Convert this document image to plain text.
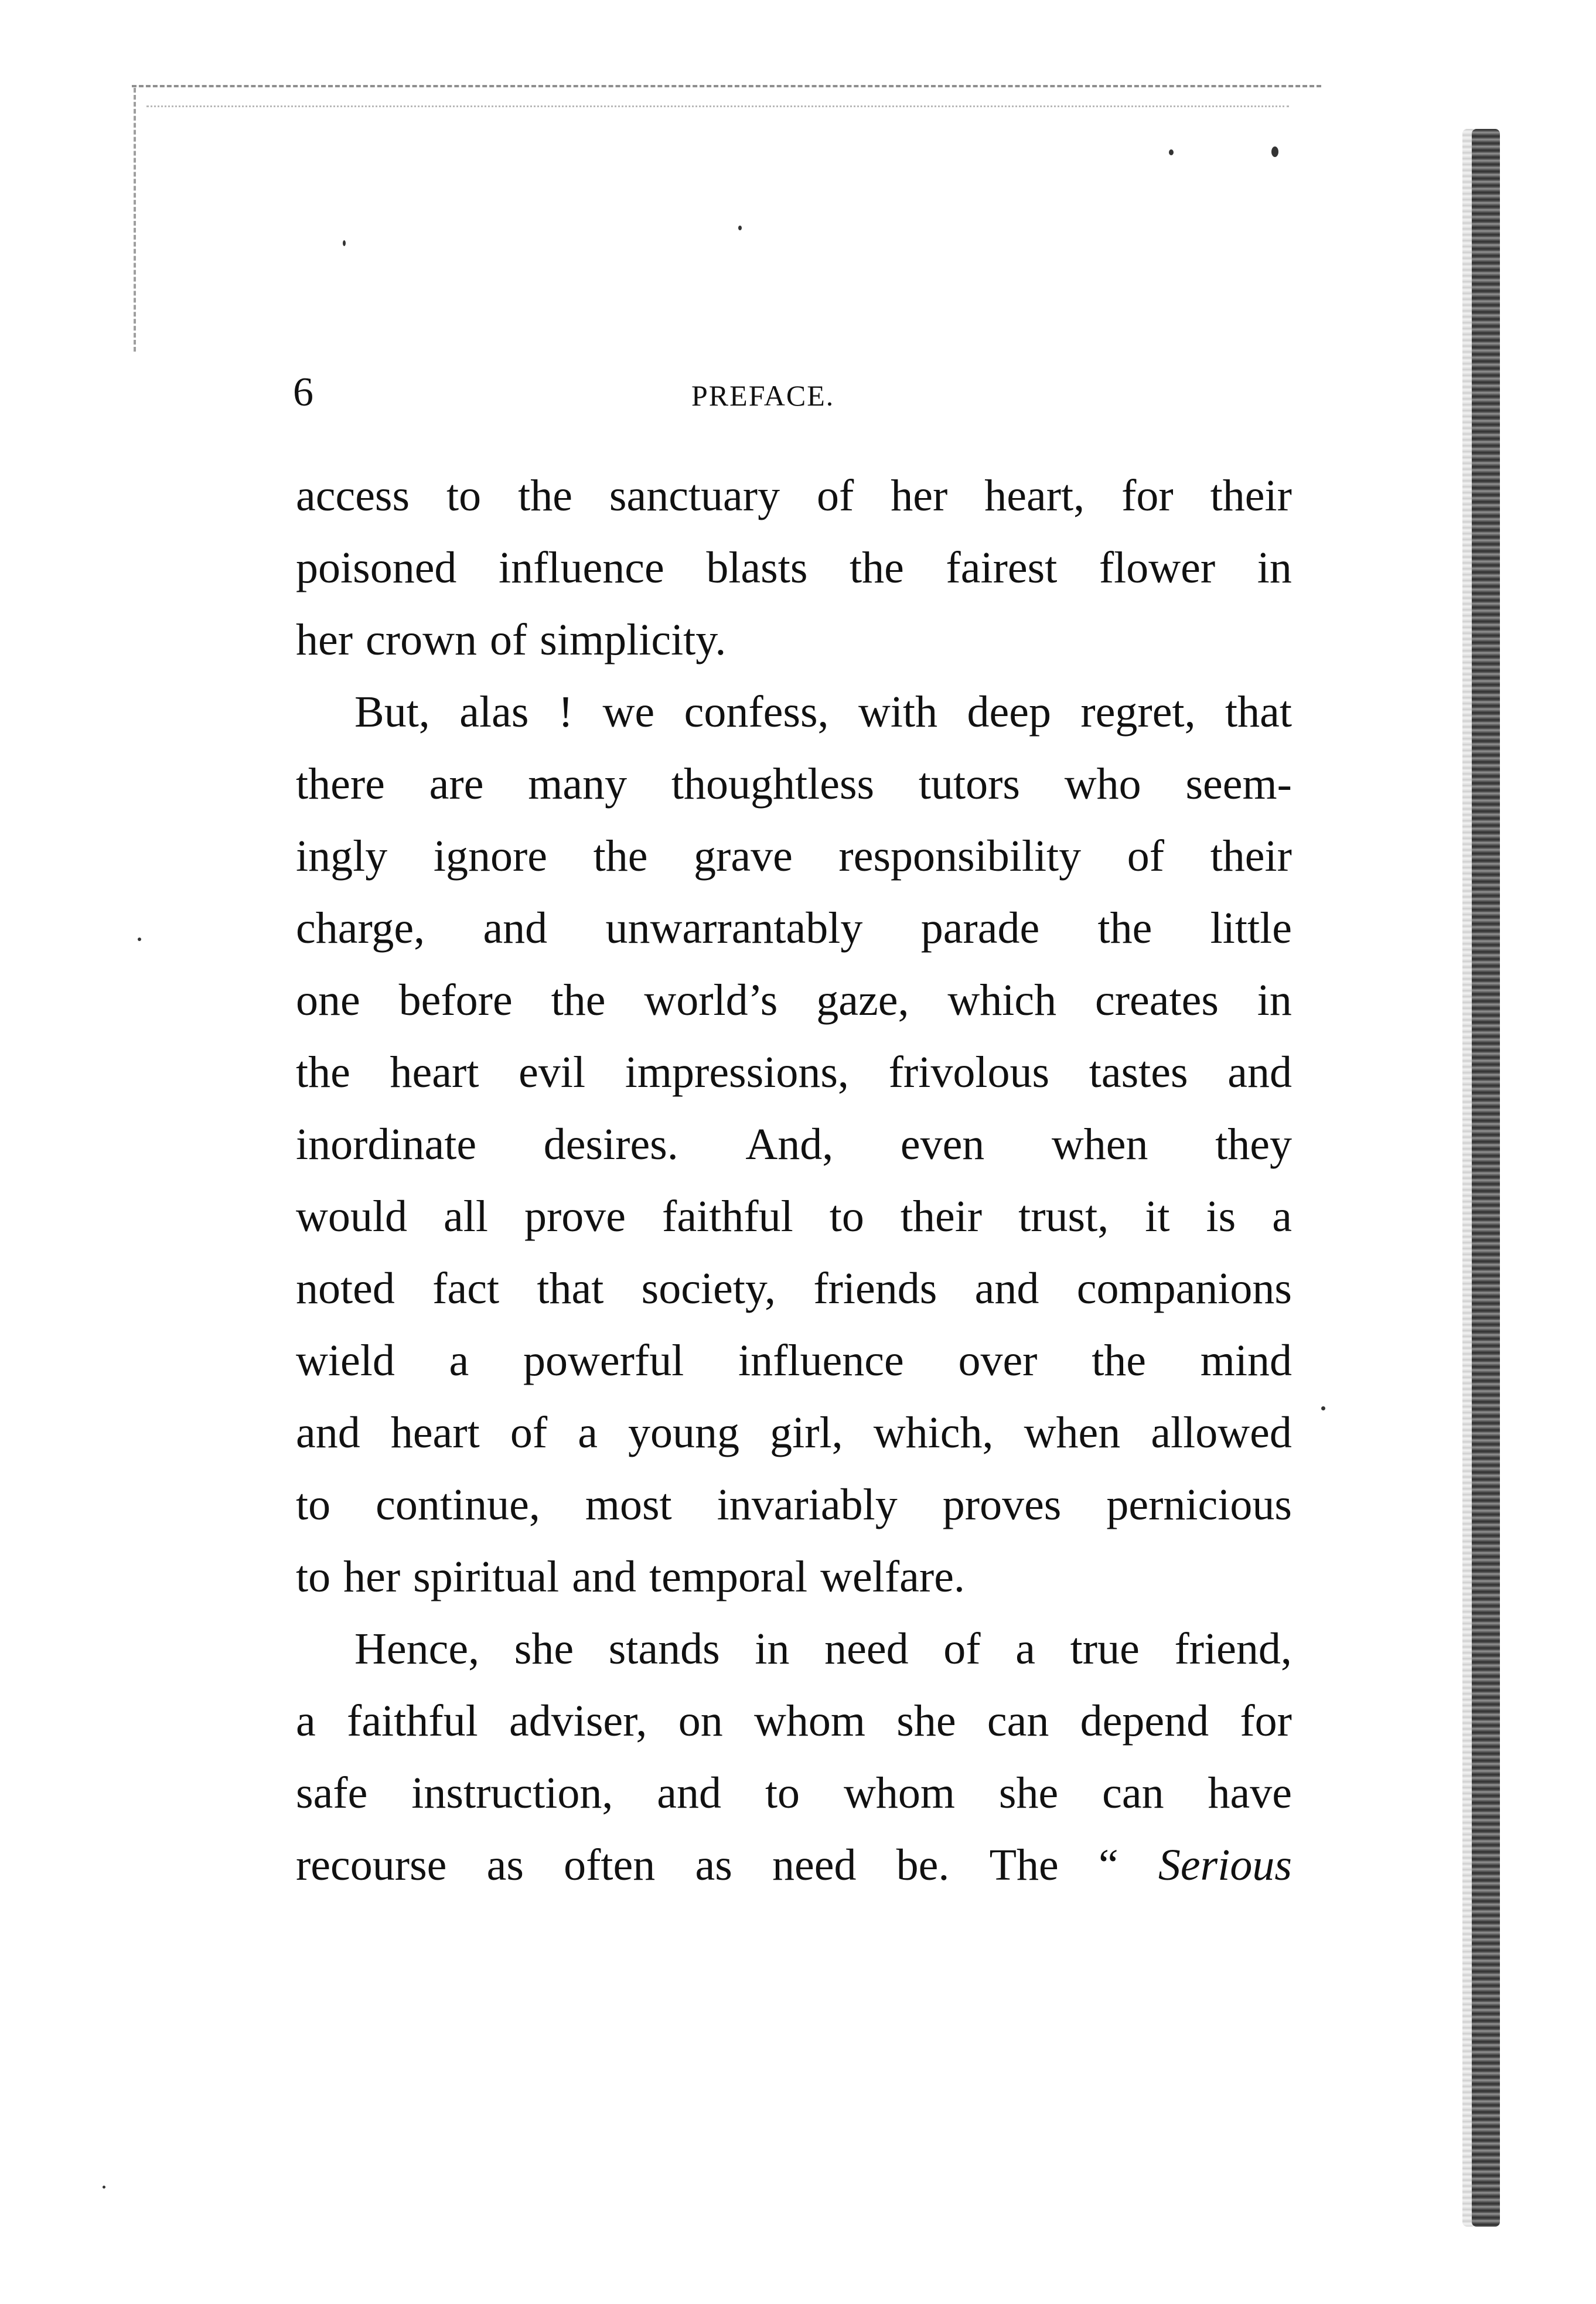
6	PREFACE.
access to the sanctuary of her heart, for their
poisoned influence blasts the fairest flower in
her crown of simplicity.
But, alas ! we confess, with deep regret, that
there are many thoughtless tutors who seem-
ingly ignore the grave responsibility of their
charge, and unwarrantably parade the little
one before the world’s gaze, which creates in
the heart evil impressions, frivolous tastes and
inordinate desires. And, even when they
would all prove faithful to their trust, it is a
noted fact that society, friends and companions
wield a powerful influence over the mind
and heart of a young girl, which, when allowed
to continue, most invariably proves pernicious
to her spiritual and temporal welfare.
Hence, she stands in need of a true friend,
a faithful adviser, on whom she can depend for
safe instruction, and to whom she can have
recourse as often as need be. The “ Serious
